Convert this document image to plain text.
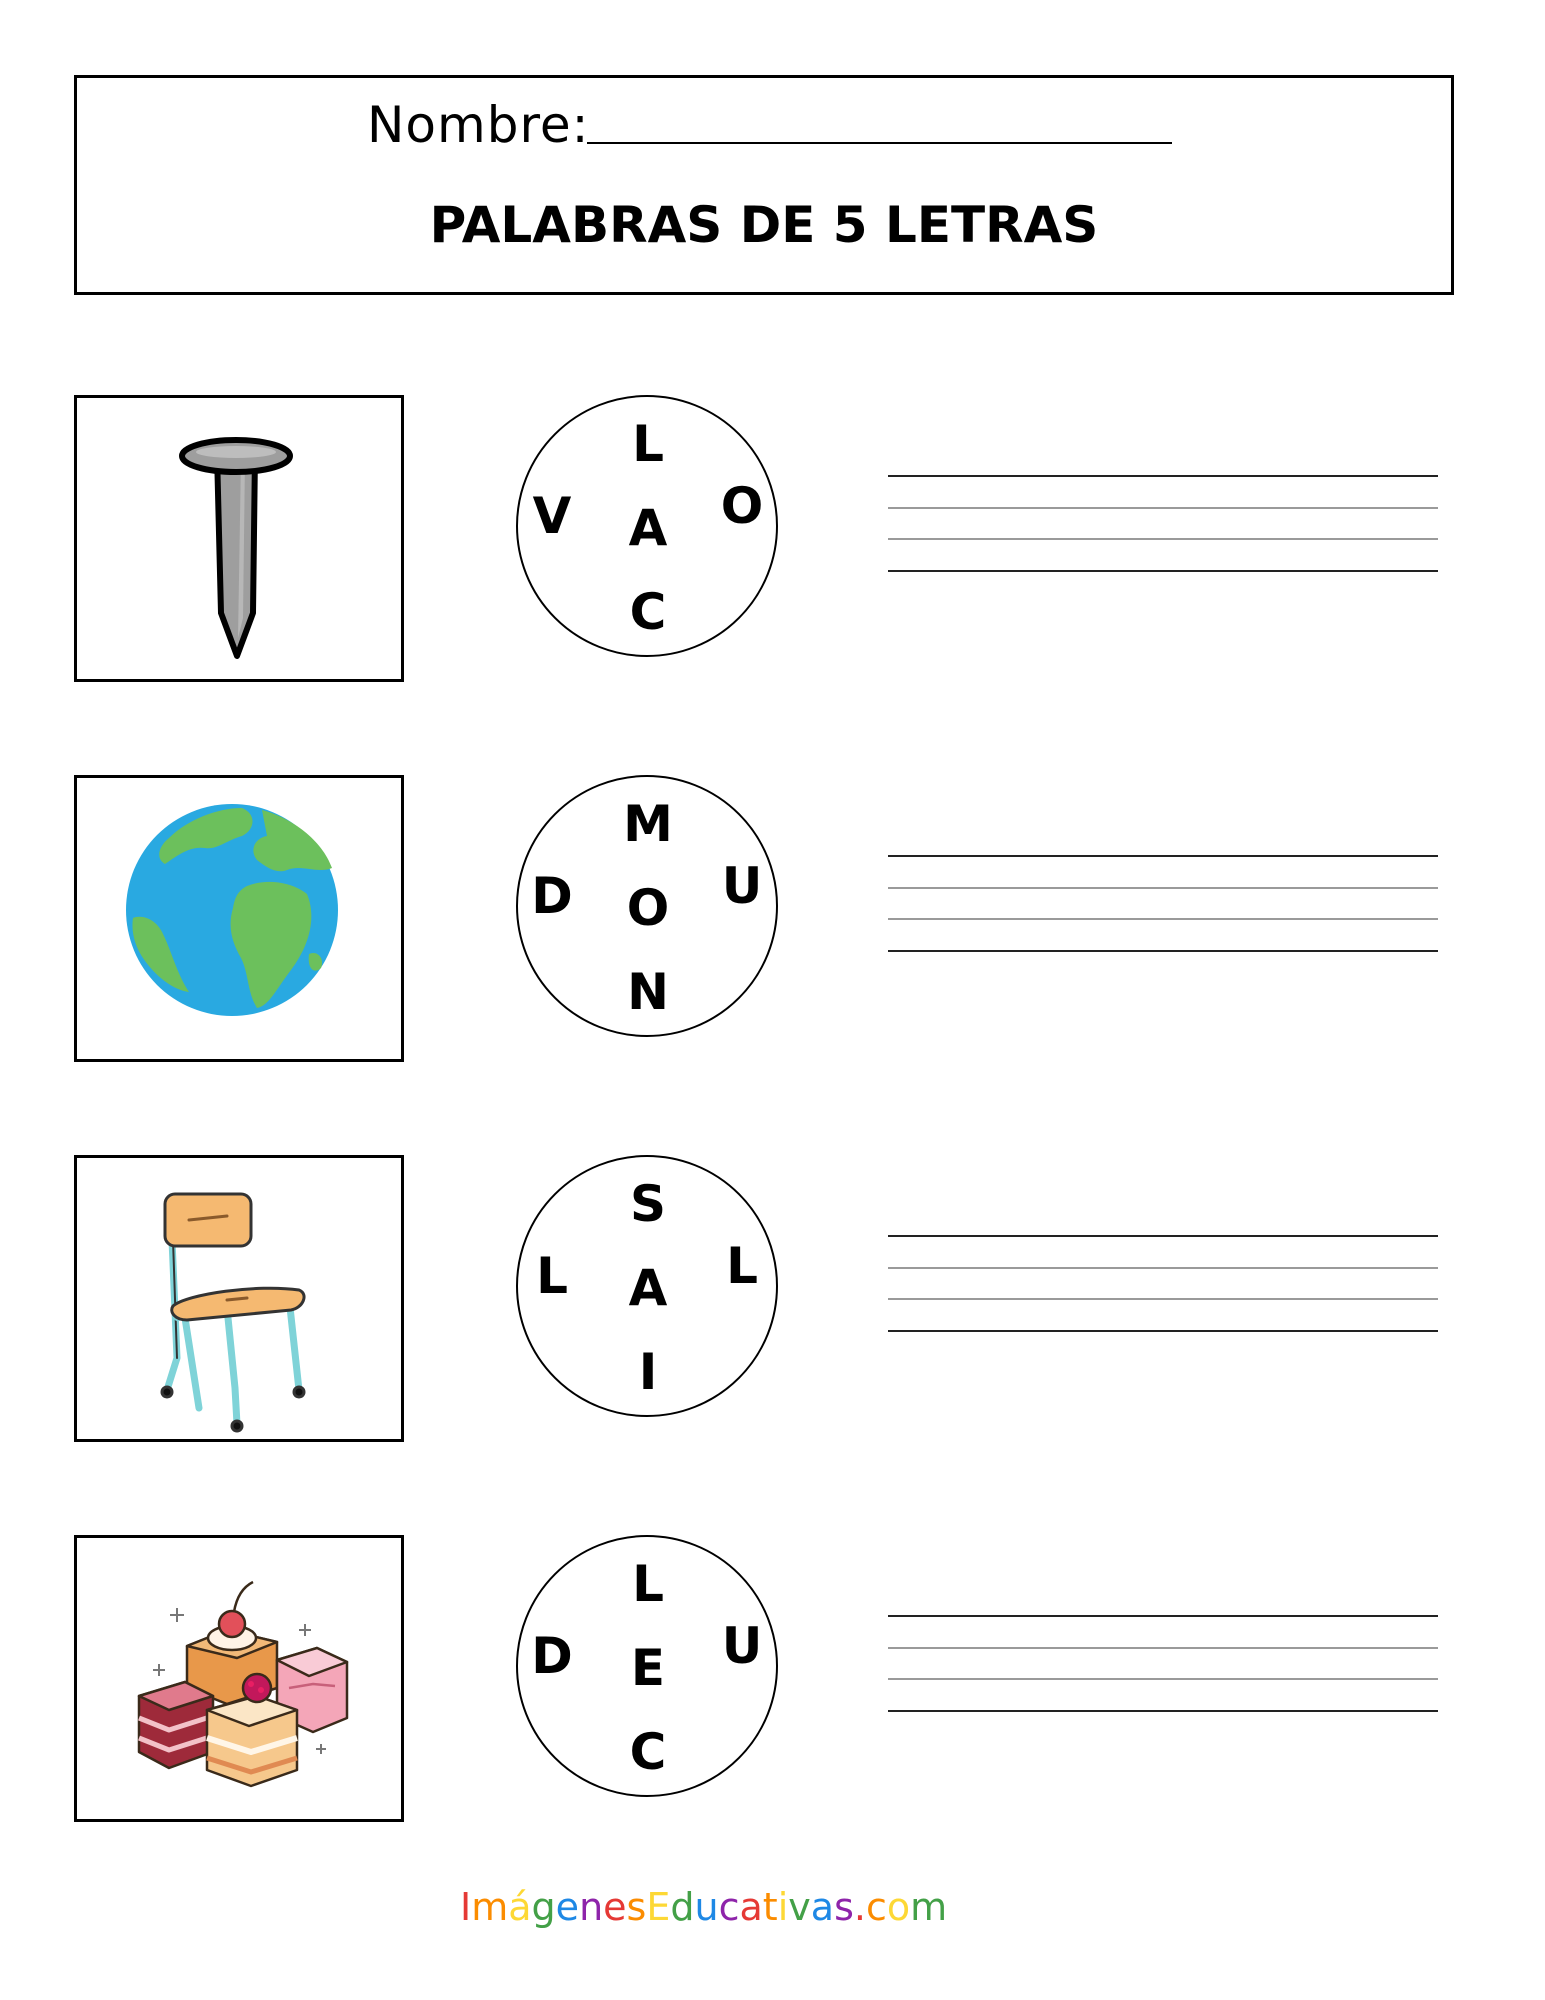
Nombre:
PALABRAS DE 5 LETRAS
L
V A O
C
M
D O U
N
S
L A L
I
L
D E U
C
ImágenesEducativas.com
